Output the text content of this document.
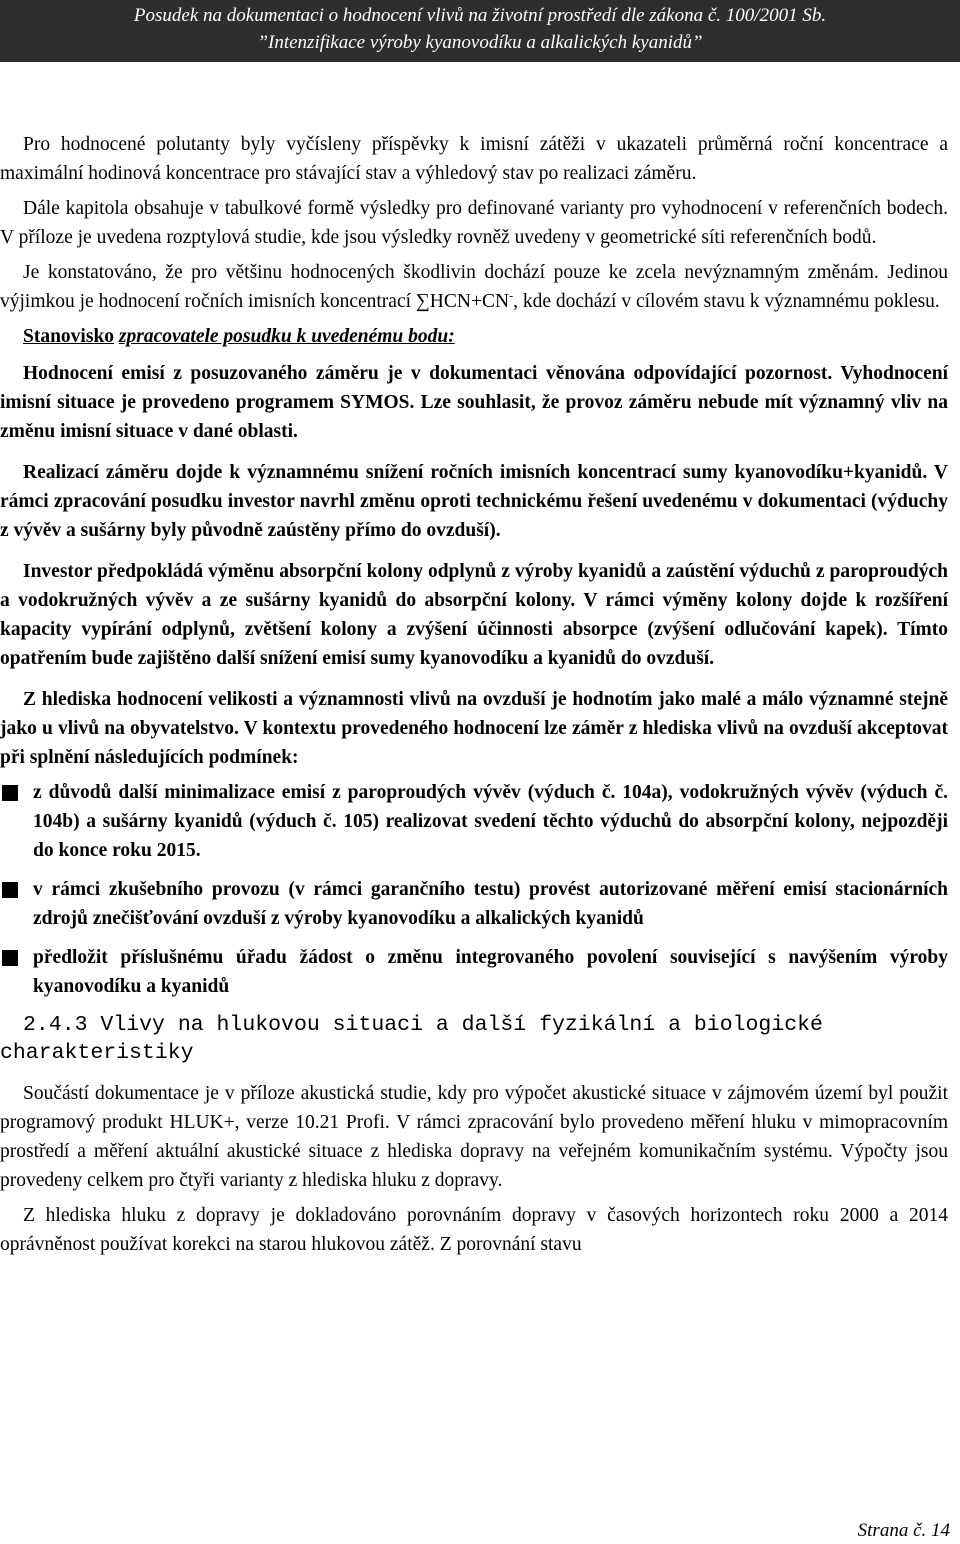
Posudek na dokumentaci o hodnocení vlivů na životní prostředí dle zákona č. 100/2001 Sb.
”Intenzifikace výroby kyanovodíku a alkalických kyanidů”

Pro hodnocené polutanty byly vyčísleny příspěvky k imisní zátěži v ukazateli průměrná roční koncentrace a maximální hodinová koncentrace pro stávající stav a výhledový stav po realizaci záměru.

Dále kapitola obsahuje v tabulkové formě výsledky pro definované varianty pro vyhodnocení v referenčních bodech. V příloze je uvedena rozptylová studie, kde jsou výsledky rovněž uvedeny v geometrické síti referenčních bodů.

Je konstatováno, že pro většinu hodnocených škodlivin dochází pouze ke zcela nevýznamným změnám. Jedinou výjimkou je hodnocení ročních imisních koncentrací ∑HCN+CN-, kde dochází v cílovém stavu k významnému poklesu.

Stanovisko zpracovatele posudku k uvedenému bodu:

Hodnocení emisí z posuzovaného záměru je v dokumentaci věnována odpovídající pozornost. Vyhodnocení imisní situace je provedeno programem SYMOS. Lze souhlasit, že provoz záměru nebude mít významný vliv na změnu imisní situace v dané oblasti.

Realizací záměru dojde k významnému snížení ročních imisních koncentrací sumy kyanovodíku+kyanidů. V rámci zpracování posudku investor navrhl změnu oproti technickému řešení uvedenému v dokumentaci (výduchy z vývěv a sušárny byly původně zaústěny přímo do ovzduší).

Investor předpokládá výměnu absorpční kolony odplynů z výroby kyanidů a zaústění výduchů z paroproudých a vodokružných vývěv a ze sušárny kyanidů do absorpční kolony. V rámci výměny kolony dojde k rozšíření kapacity vypírání odplynů, zvětšení kolony a zvýšení účinnosti absorpce (zvýšení odlučování kapek). Tímto opatřením bude zajištěno další snížení emisí sumy kyanovodíku a kyanidů do ovzduší.

Z hlediska hodnocení velikosti a významnosti vlivů na ovzduší je hodnotím jako malé a málo významné stejně jako u vlivů na obyvatelstvo. V kontextu provedeného hodnocení lze záměr z hlediska vlivů na ovzduší akceptovat při splnění následujících podmínek:

z důvodů další minimalizace emisí z paroproudých vývěv (výduch č. 104a), vodokružných vývěv (výduch č. 104b) a sušárny kyanidů (výduch č. 105) realizovat svedení těchto výduchů do absorpční kolony, nejpozději do konce roku 2015.
v rámci zkušebního provozu (v rámci garančního testu) provést autorizované měření emisí stacionárních zdrojů znečišťování ovzduší z výroby kyanovodíku a alkalických kyanidů
předložit příslušnému úřadu žádost o změnu integrovaného povolení související s navýšením výroby kyanovodíku a kyanidů
2.4.3 Vlivy na hlukovou situaci a další fyzikální a biologické charakteristiky

Součástí dokumentace je v příloze akustická studie, kdy pro výpočet akustické situace v zájmovém území byl použit programový produkt HLUK+, verze 10.21 Profi. V rámci zpracování bylo provedeno měření hluku v mimopracovním prostředí a měření aktuální akustické situace z hlediska dopravy na veřejném komunikačním systému. Výpočty jsou provedeny celkem pro čtyři varianty z hlediska hluku z dopravy.

Z hlediska hluku z dopravy je dokladováno porovnáním dopravy v časových horizontech roku 2000 a 2014 oprávněnost používat korekci na starou hlukovou zátěž. Z porovnání stavu

Strana č. 14
